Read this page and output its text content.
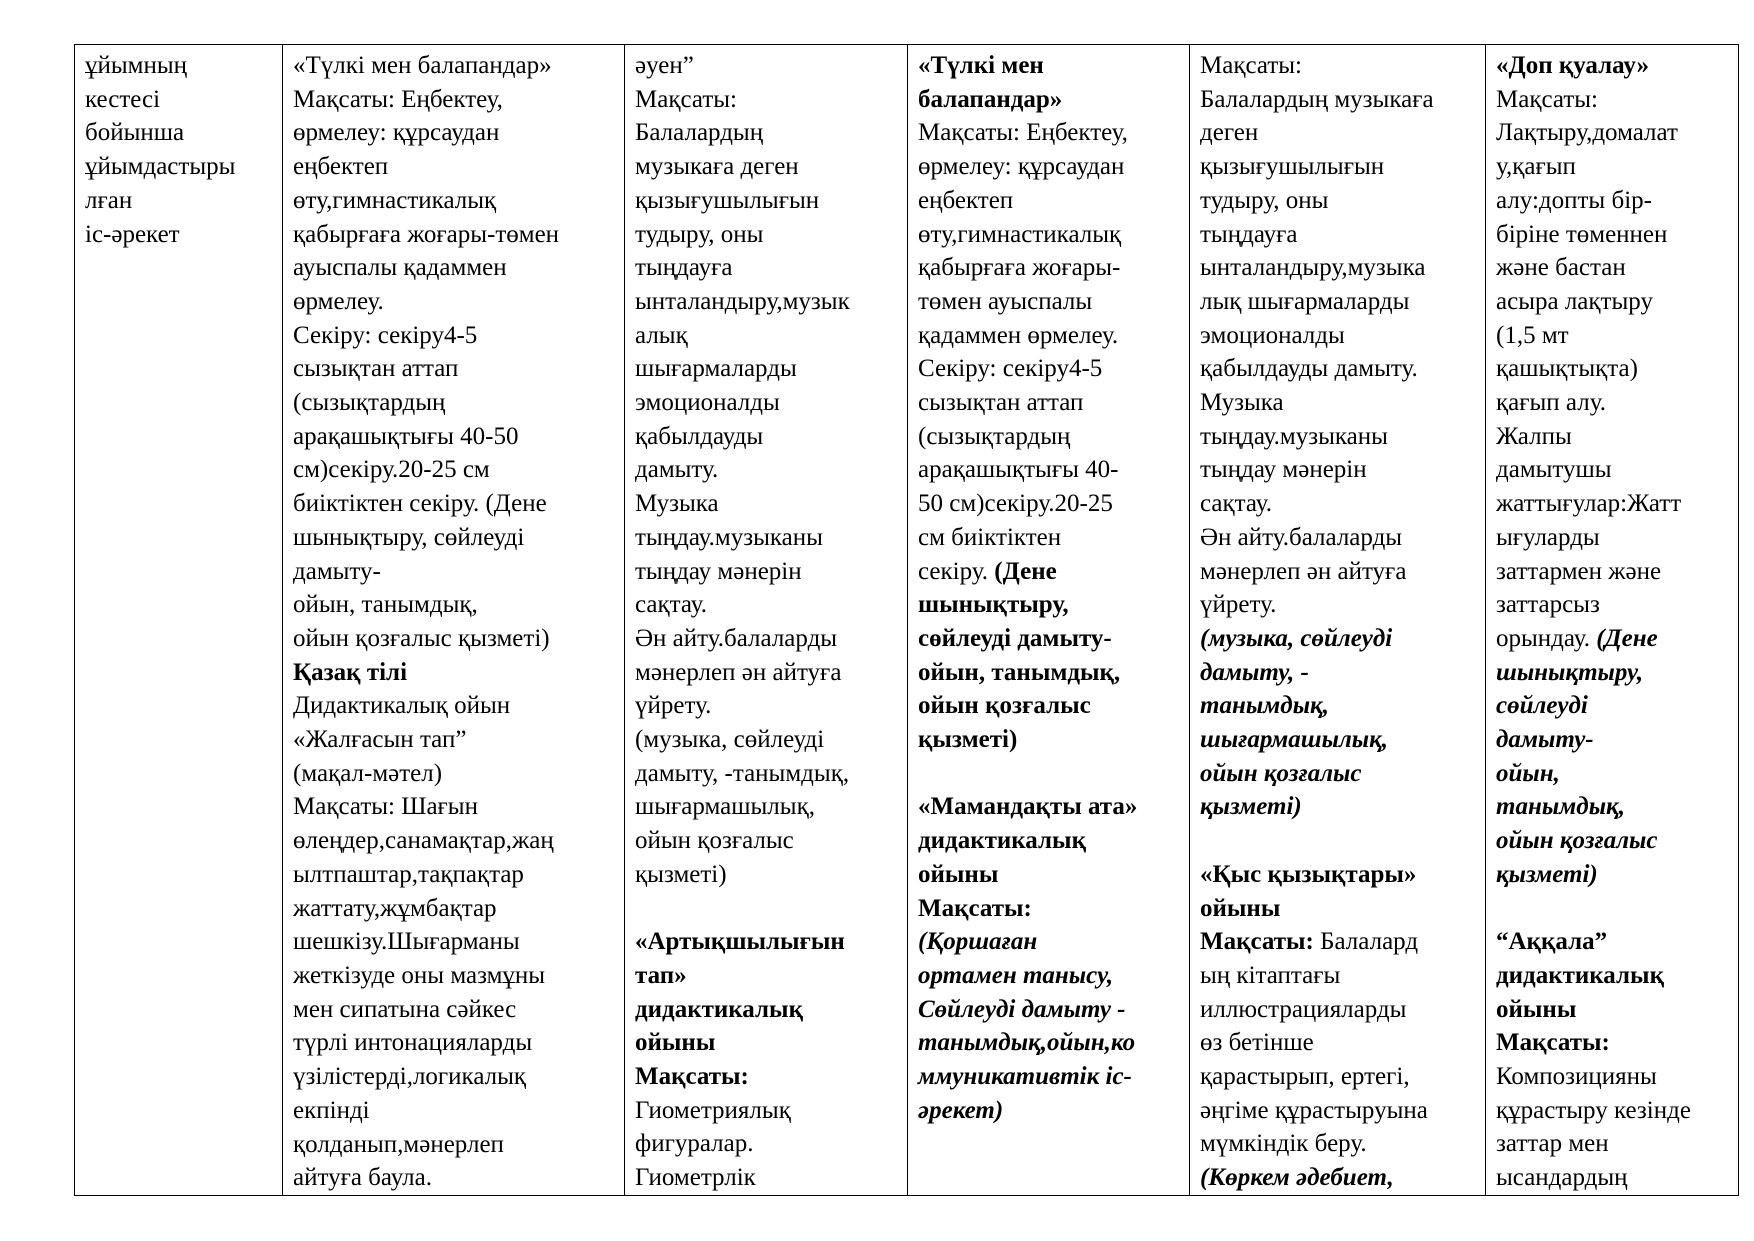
ұйымның
кестесі
бойынша
ұйымдастыры
лған
іс-әрекет

«Түлкі мен балапандар»
Мақсаты: Еңбектеу,
өрмелеу: құрсаудан
еңбектеп
өту,гимнастикалық
қабырғаға жоғары-төмен
ауыспалы қадаммен
өрмелеу.
Секіру: секіру4-5
сызықтан аттап
(сызықтардың
арақашықтығы 40-50
см)секіру.20-25 см
биіктіктен секіру. (Дене
шынықтыру, сөйлеуді
дамыту-
ойын, танымдық,
ойын қозғалыс қызметі)
Қазақ тілі
Дидактикалық ойын
«Жалғасын тап”
(мақал-мәтел)
Мақсаты: Шағын
өлеңдер,санамақтар,жаң
ылтпаштар,тақпақтар
жаттату,жұмбақтар
шешкізу.Шығарманы
жеткізуде оны мазмұны
мен сипатына сәйкес
түрлі интонацияларды
үзілістерді,логикалық
екпінді
қолданып,мәнерлеп
айтуға баула.

әуен”
Мақсаты:
Балалардың
музыкаға деген
қызығушылығын
тудыру, оны
тыңдауға
ынталандыру,музык
алық
шығармаларды
эмоционалды
қабылдауды
дамыту.
Музыка
тыңдау.музыканы
тыңдау мәнерін
сақтау.
Ән айту.балаларды
мәнерлеп ән айтуға
үйрету.
(музыка, сөйлеуді
дамыту, -танымдық,
шығармашылық,
ойын қозғалыс
қызметі)
«Артықшылығын
тап»
дидактикалық
ойыны
Мақсаты:
Гиометриялық
фигуралар.
Гиометрлік

«Түлкі мен
балапандар»
Мақсаты: Еңбектеу,
өрмелеу: құрсаудан
еңбектеп
өту,гимнастикалық
қабырғаға жоғары-
төмен ауыспалы
қадаммен өрмелеу.
Секіру: секіру4-5
сызықтан аттап
(сызықтардың
арақашықтығы 40-
50 см)секіру.20-25
см биіктіктен
секіру. (Дене
шынықтыру,
сөйлеуді дамыту-
ойын, танымдық,
ойын қозғалыс
қызметі)
«Мамандақты ата»
дидактикалық
ойыны
Мақсаты:
(Қоршаған
ортамен танысу,
Сөйлеуді дамыту -
танымдық,ойын,ко
ммуникативтік іс-
әрекет)

Мақсаты:
Балалардың музыкаға
деген
қызығушылығын
тудыру, оны
тыңдауға
ынталандыру,музыка
лық шығармаларды
эмоционалды
қабылдауды дамыту.
Музыка
тыңдау.музыканы
тыңдау мәнерін
сақтау.
Ән айту.балаларды
мәнерлеп ән айтуға
үйрету.
(музыка, сөйлеуді
дамыту, -
танымдық,
шығармашылық,
ойын қозғалыс
қызметі)
«Қыс қызықтары»
ойыны
Мақсаты: Балалард
ың кітаптағы
иллюстрацияларды
өз бетінше
қарастырып, ертегі,
әңгіме құрастыруына
мүмкіндік беру.
(Көркем әдебиет,

«Доп қуалау»
Мақсаты:
Лақтыру,домалат
у,қағып
алу:допты бір-
біріне төменнен
және бастан
асыра лақтыру
(1,5 мт
қашықтықта)
қағып алу.
Жалпы
дамытушы
жаттығулар:Жатт
ығуларды
заттармен және
заттарсыз
орындау. (Дене
шынықтыру,
сөйлеуді
дамыту-
ойын,
танымдық,
ойын қозғалыс
қызметі)
“Аққала”
дидактикалық
ойыны
Мақсаты:
Композицияны
құрастыру кезінде
заттар мен
ысандардың
